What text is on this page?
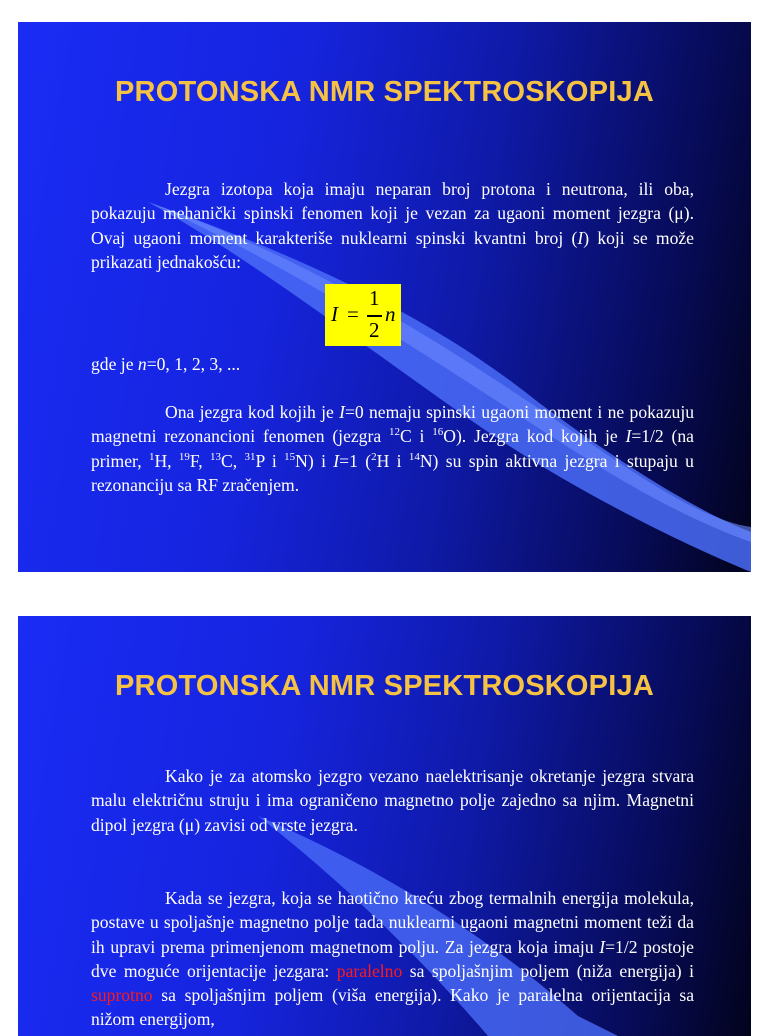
PROTONSKA NMR SPEKTROSKOPIJA
Jezgra izotopa koja imaju neparan broj protona i neutrona, ili oba, pokazuju mehanički spinski fenomen koji je vezan za ugaoni moment jezgra (μ). Ovaj ugaoni moment karakteriše nuklearni spinski kvantni broj (I) koji se može prikazati jednakošću:
I =
1
2
n
gde je n=0, 1, 2, 3, ...
Ona jezgra kod kojih je I=0 nemaju spinski ugaoni moment i ne pokazuju magnetni rezonancioni fenomen (jezgra $^{12}$C i $^{16}$O). Jezgra kod kojih je I=1/2 (na primer, $^1$H, $^{19}$F, $^{13}$C, $^{31}$P i $^{15}$N) i I=1 ($^2$H i $^{14}$N) su spin aktivna jezgra i stupaju u rezonanciju sa RF zračenjem.
PROTONSKA NMR SPEKTROSKOPIJA
Kako je za atomsko jezgro vezano naelektrisanje okretanje jezgra stvara malu električnu struju i ima ograničeno magnetno polje zajedno sa njim. Magnetni dipol jezgra (μ) zavisi od vrste jezgra.
Kada se jezgra, koja se haotično kreću zbog termalnih energija molekula, postave u spoljašnje magnetno polje tada nuklearni ugaoni magnetni moment teži da ih upravi prema primenjenom magnetnom polju. Za jezgra koja imaju I=1/2 postoje dve moguće orijentacije jezgara: paralelno sa spoljašnjim poljem (niža energija) i suprotno sa spoljašnjim poljem (viša energija). Kako je paralelna orijentacija sa nižom energijom,
